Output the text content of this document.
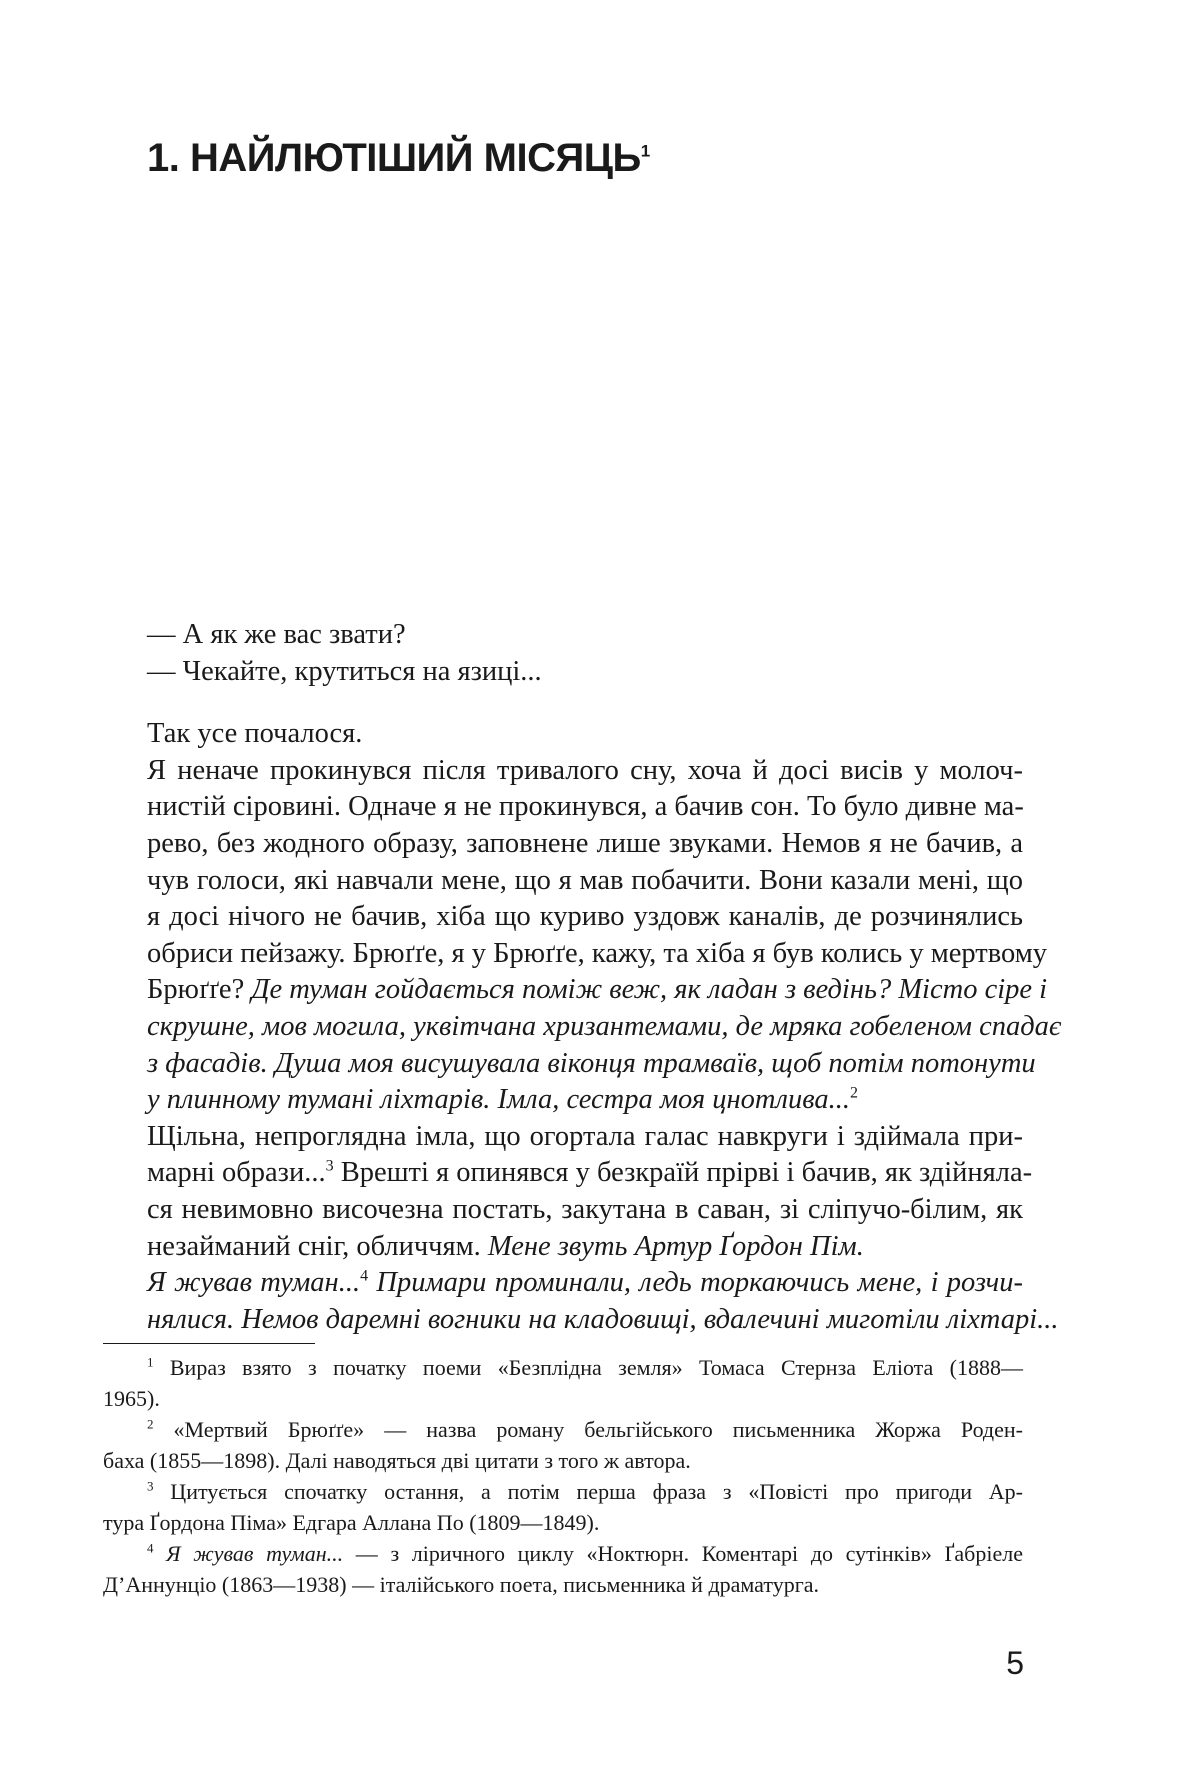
1. НАЙЛЮТІШИЙ МІСЯЦЬ$^1$

— А як же вас звати?

— Чекайте, крутиться на язиці...

Так усе почалося.

Я неначе прокинувся після тривалого сну, хоча й досі висів у молоч-
нистій сіровині. Одначе я не прокинувся, а бачив сон. То було дивне ма-
рево, без жодного образу, заповнене лише звуками. Немов я не бачив, а
чув голоси, які навчали мене, що я мав побачити. Вони казали мені, що
я досі нічого не бачив, хіба що куриво уздовж каналів, де розчинялись
обриси пейзажу. Брюґґе, я у Брюґґе, кажу, та хіба я був колись у мертвому
Брюґґе? Де туман гойдається поміж веж, як ладан з ведінь? Місто сіре і
скрушне, мов могила, уквітчана хризантемами, де мряка гобеленом спадає
з фасадів. Душа моя висушувала віконця трамваїв, щоб потім потонути
у плинному тумані ліхтарів. Імла, сестра моя цнотлива...$^2$

Щільна, непроглядна імла, що огортала галас навкруги і здіймала при-
марні образи...$^3$ Врешті я опинявся у безкраїй прірві і бачив, як здійняла-
ся невимовно височезна постать, закутана в саван, зі сліпучо-білим, як
незайманий сніг, обличчям. Мене звуть Артур Ґордон Пім.

Я жував туман...$^4$ Примари проминали, ледь торкаючись мене, і розчи-
нялися. Немов даремні вогники на кладовищі, вдалечині миготіли ліхтарі...

$^1$ Вираз взято з початку поеми «Безплідна земля» Томаса Стернза Еліота (1888—
1965).
$^2$ «Мертвий Брюґґе» — назва роману бельгійського письменника Жоржа Роден-
баха (1855—1898). Далі наводяться дві цитати з того ж автора.
$^3$ Цитується спочатку остання, а потім перша фраза з «Повісті про пригоди Ар-
тура Ґордона Піма» Едгара Аллана По (1809—1849).
$^4$ Я жував туман... — з ліричного циклу «Ноктюрн. Коментарі до сутінків» Ґабріеле
Д’Аннунціо (1863—1938) — італійського поета, письменника й драматурга.
5
